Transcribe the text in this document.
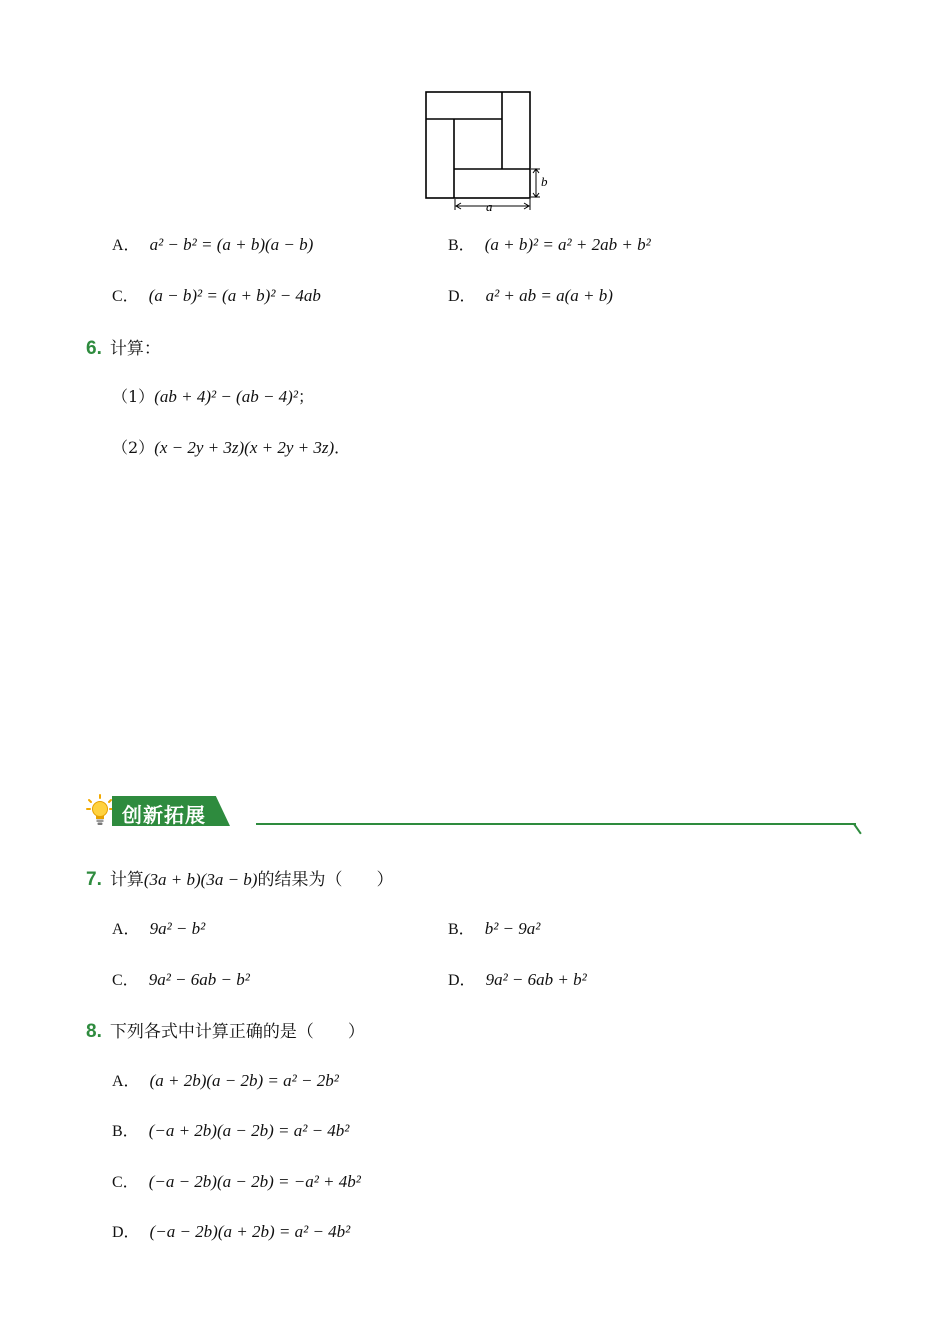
b
a
A． a² − b² = (a + b)(a − b)	B． (a + b)² = a² + 2ab + b²
C． (a − b)² = (a + b)² − 4ab	D． a² + ab = a(a + b)
6. 计算：
（1）(ab + 4)² − (ab − 4)²；
（2）(x − 2y + 3z)(x + 2y + 3z)．
创新拓展
7. 计算(3a + b)(3a − b)的结果为（　　）
A． 9a² − b²	B． b² − 9a²
C． 9a² − 6ab − b²	D． 9a² − 6ab + b²
8. 下列各式中计算正确的是（　　）
A． (a + 2b)(a − 2b) = a² − 2b²
B． (−a + 2b)(a − 2b) = a² − 4b²
C． (−a − 2b)(a − 2b) = −a² + 4b²
D． (−a − 2b)(a + 2b) = a² − 4b²
